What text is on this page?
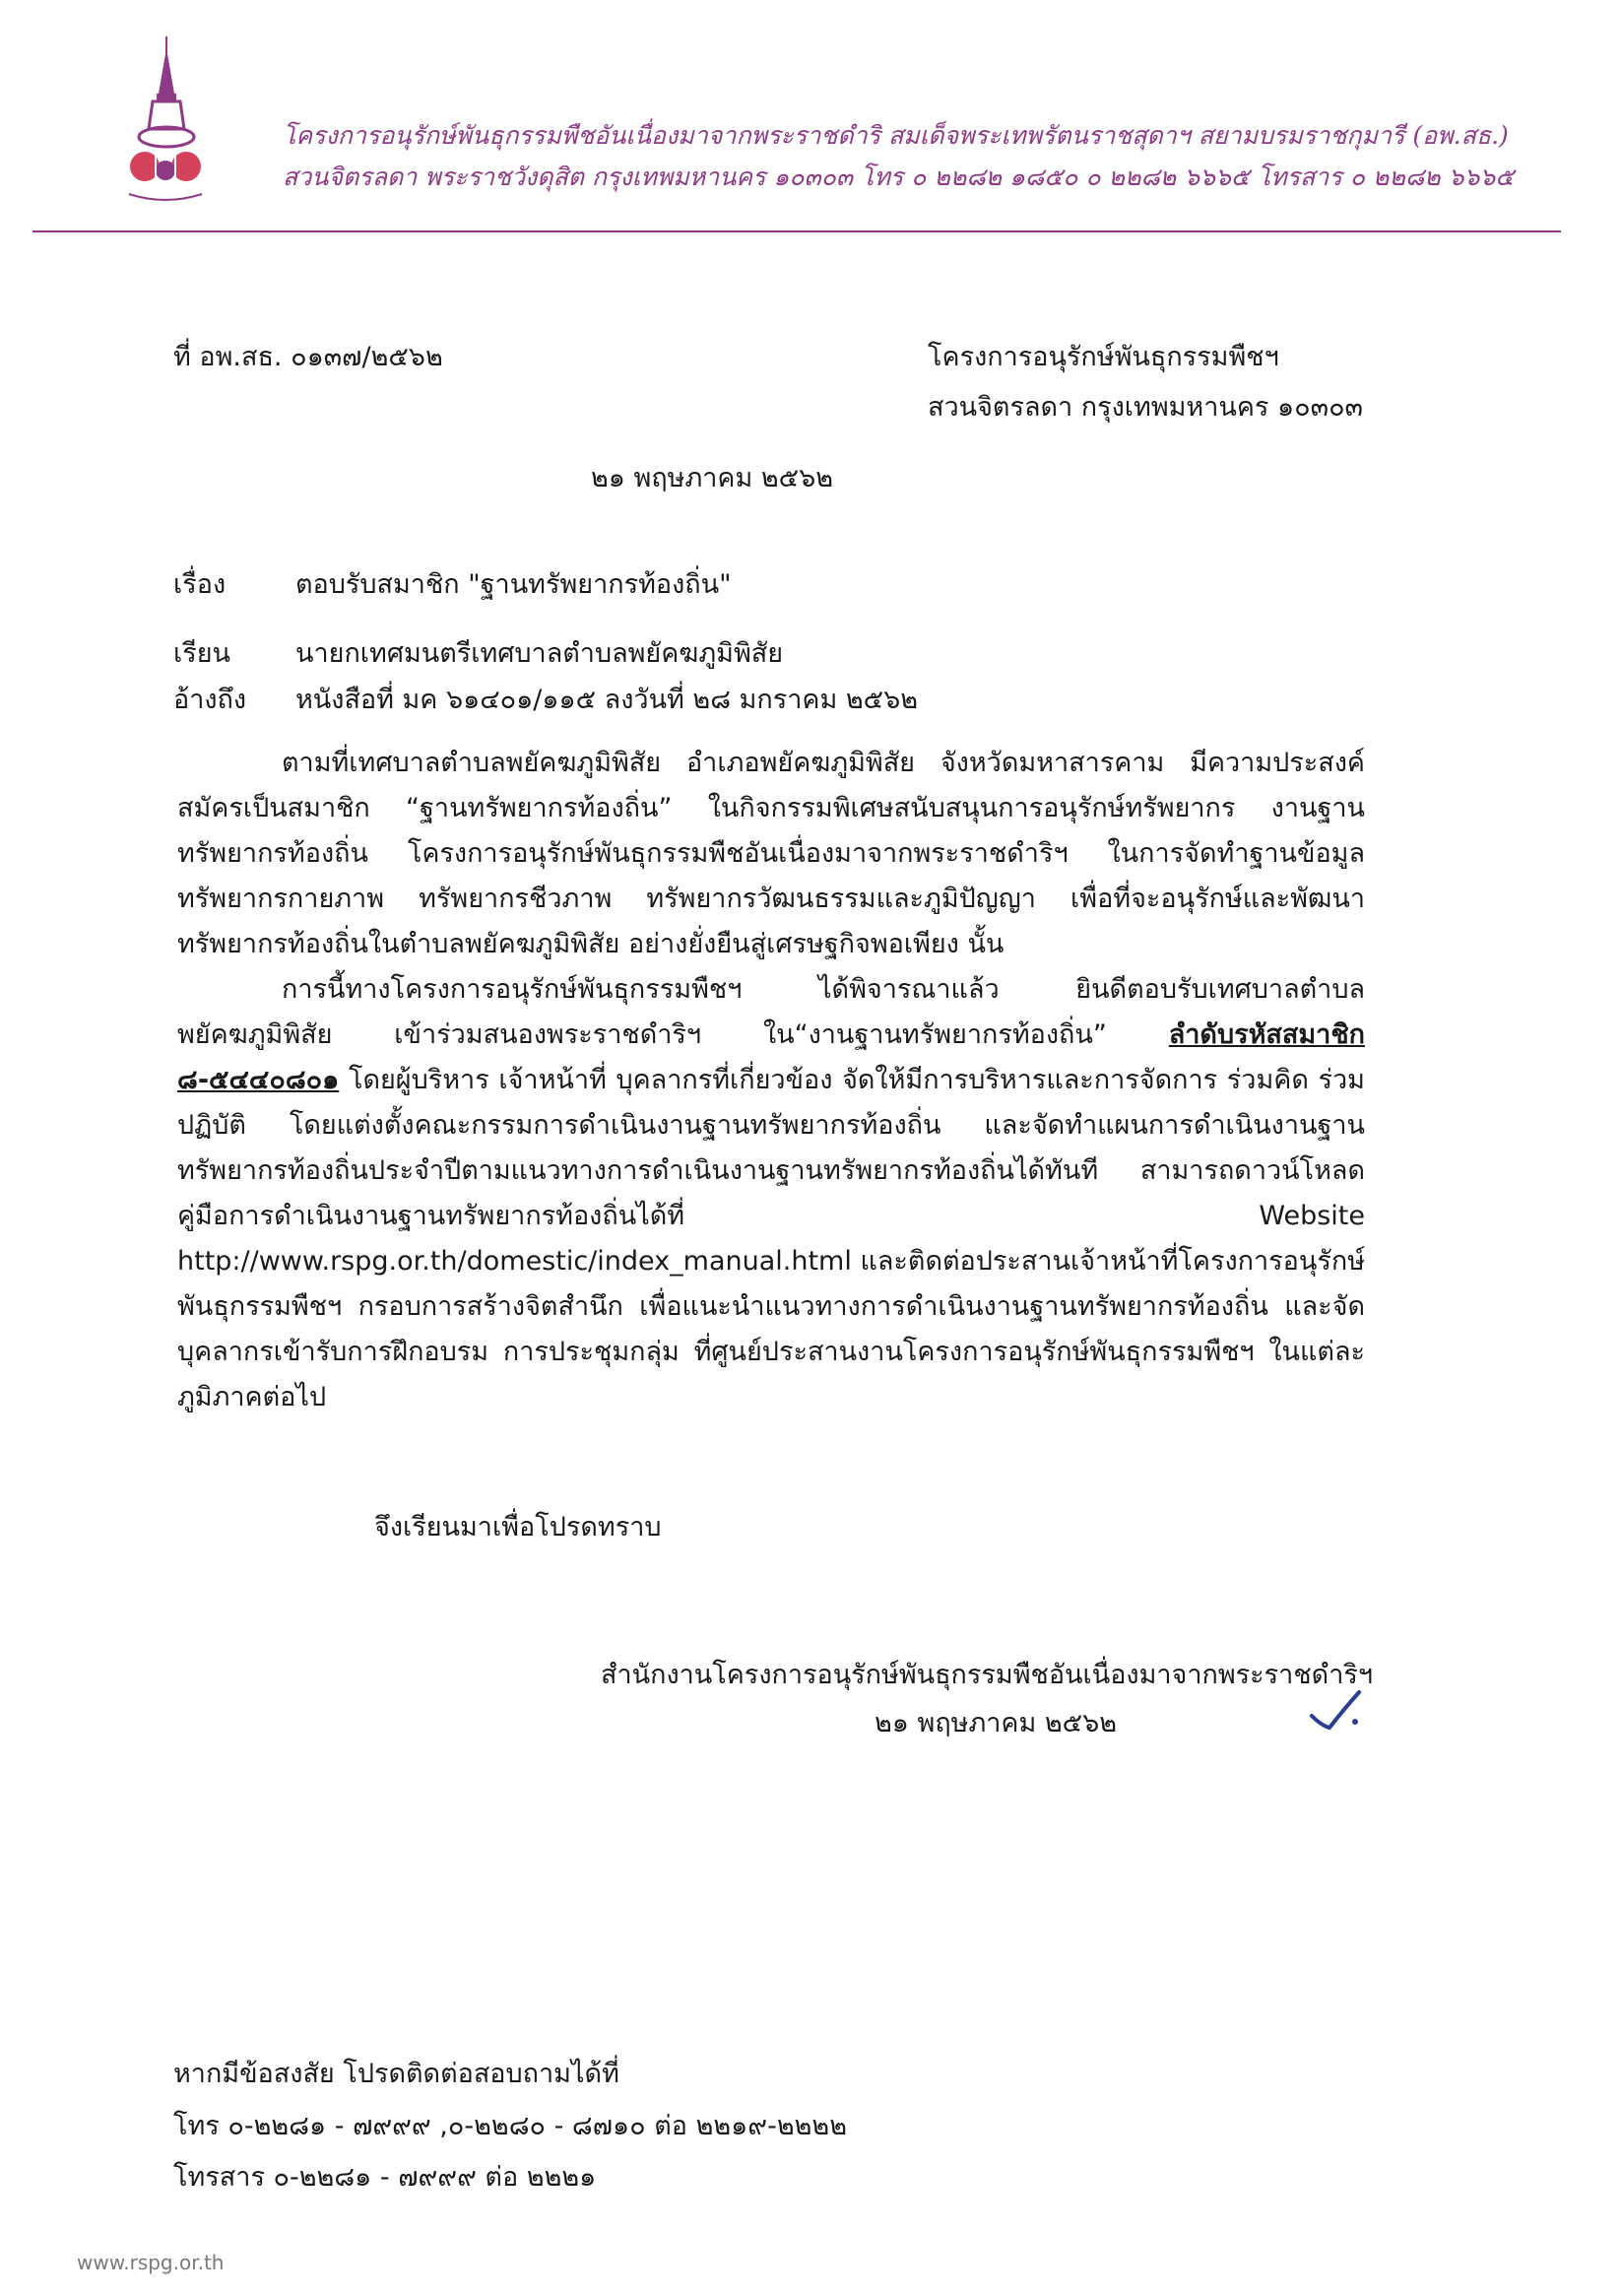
โครงการอนุรักษ์พันธุกรรมพืชอันเนื่องมาจากพระราชดำริ สมเด็จพระเทพรัตนราชสุดาฯ สยามบรมราชกุมารี (อพ.สธ.)
สวนจิตรลดา พระราชวังดุสิต กรุงเทพมหานคร ๑๐๓๐๓ โทร ๐ ๒๒๘๒ ๑๘๕๐ ๐ ๒๒๘๒ ๖๖๖๕ โทรสาร ๐ ๒๒๘๒ ๖๖๖๕
ที่ อพ.สธ. ๐๑๓๗/๒๕๖๒	โครงการอนุรักษ์พันธุกรรมพืชฯ
สวนจิตรลดา กรุงเทพมหานคร ๑๐๓๐๓
๒๑ พฤษภาคม ๒๕๖๒
เรื่อง	ตอบรับสมาชิก "ฐานทรัพยากรท้องถิ่น"
เรียน นายกเทศมนตรีเทศบาลตำบลพยัคฆภูมิพิสัย
อ้างถึง หนังสือที่ มค ๖๑๔๐๑/๑๑๕ ลงวันที่ ๒๘ มกราคม ๒๕๖๒

ตามที่เทศบาลตำบลพยัคฆภูมิพิสัย อำเภอพยัคฆภูมิพิสัย จังหวัดมหาสารคาม มีความประสงค์สมัครเป็นสมาชิก “ฐานทรัพยากรท้องถิ่น” ในกิจกรรมพิเศษสนับสนุนการอนุรักษ์ทรัพยากร งานฐานทรัพยากรท้องถิ่น โครงการอนุรักษ์พันธุกรรมพืชอันเนื่องมาจากพระราชดำริฯ ในการจัดทำฐานข้อมูลทรัพยากรกายภาพ ทรัพยากรชีวภาพ ทรัพยากรวัฒนธรรมและภูมิปัญญา เพื่อที่จะอนุรักษ์และพัฒนาทรัพยากรท้องถิ่นในตำบลพยัคฆภูมิพิสัย อย่างยั่งยืนสู่เศรษฐกิจพอเพียง นั้น

การนี้ทางโครงการอนุรักษ์พันธุกรรมพืชฯ ได้พิจารณาแล้ว ยินดีตอบรับเทศบาลตำบลพยัคฆภูมิพิสัย เข้าร่วมสนองพระราชดำริฯ ใน“งานฐานทรัพยากรท้องถิ่น” ลำดับรหัสสมาชิก ๘-๕๔๔๐๘๐๑ โดยผู้บริหาร เจ้าหน้าที่ บุคลากรที่เกี่ยวข้อง จัดให้มีการบริหารและการจัดการ ร่วมคิด ร่วมปฏิบัติ โดยแต่งตั้งคณะกรรมการดำเนินงานฐานทรัพยากรท้องถิ่น และจัดทำแผนการดำเนินงานฐานทรัพยากรท้องถิ่นประจำปีตามแนวทางการดำเนินงานฐานทรัพยากรท้องถิ่นได้ทันที สามารถดาวน์โหลดคู่มือการดำเนินงานฐานทรัพยากรท้องถิ่นได้ที่ Website http://www.rspg.or.th/domestic/index_manual.html และติดต่อประสานเจ้าหน้าที่โครงการอนุรักษ์พันธุกรรมพืชฯ กรอบการสร้างจิตสำนึก เพื่อแนะนำแนวทางการดำเนินงานฐานทรัพยากรท้องถิ่น และจัดบุคลากรเข้ารับการฝึกอบรม การประชุมกลุ่ม ที่ศูนย์ประสานงานโครงการอนุรักษ์พันธุกรรมพืชฯ ในแต่ละภูมิภาคต่อไป

จึงเรียนมาเพื่อโปรดทราบ
สำนักงานโครงการอนุรักษ์พันธุกรรมพืชอันเนื่องมาจากพระราชดำริฯ
๒๑ พฤษภาคม ๒๕๖๒
หากมีข้อสงสัย โปรดติดต่อสอบถามได้ที่
โทร ๐-๒๒๘๑ - ๗๙๙๙ ,๐-๒๒๘๐ - ๘๗๑๐ ต่อ ๒๒๑๙-๒๒๒๒
โทรสาร ๐-๒๒๘๑ - ๗๙๙๙ ต่อ ๒๒๒๑
www.rspg.or.th
